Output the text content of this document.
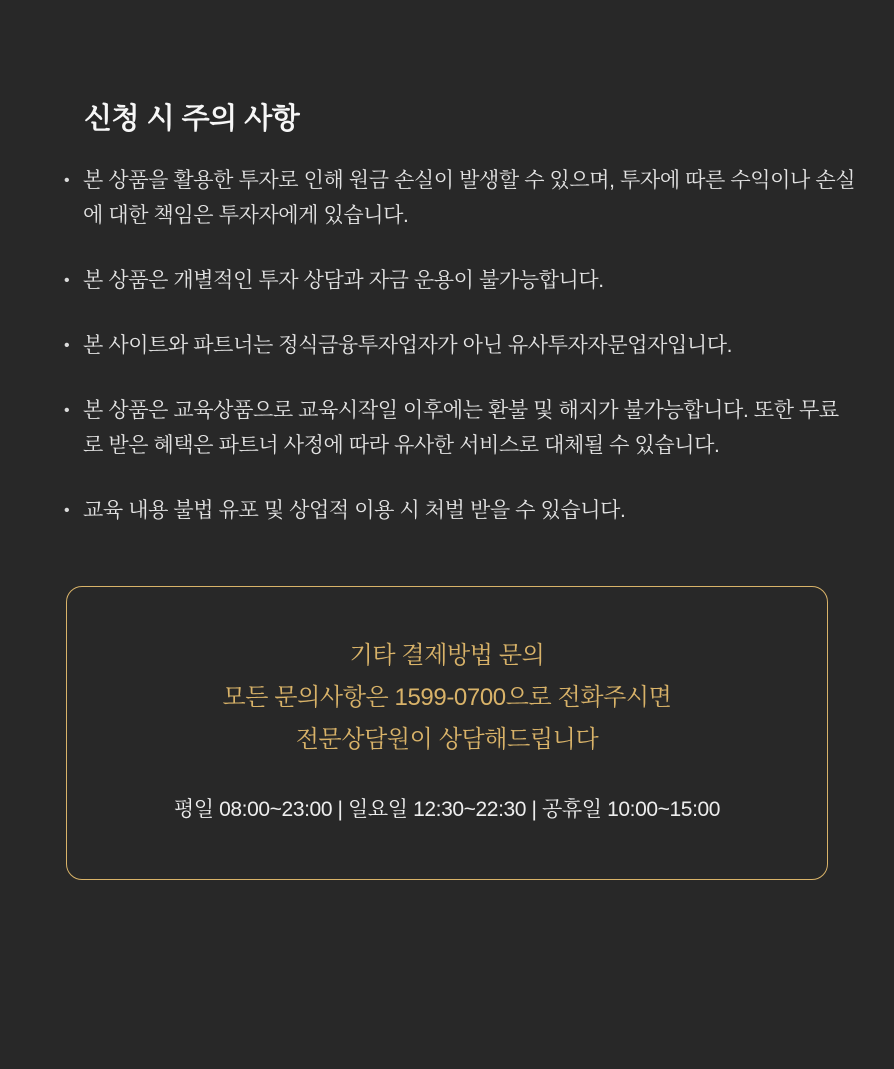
신청 시 주의 사항
• 본 상품을 활용한 투자로 인해 원금 손실이 발생할 수 있으며, 투자에 따른 수익이나 손실에 대한 책임은 투자자에게 있습니다.
• 본 상품은 개별적인 투자 상담과 자금 운용이 불가능합니다.
• 본 사이트와 파트너는 정식금융투자업자가 아닌 유사투자자문업자입니다.
• 본 상품은 교육상품으로 교육시작일 이후에는 환불 및 해지가 불가능합니다. 또한 무료로 받은 혜택은 파트너 사정에 따라 유사한 서비스로 대체될 수 있습니다.
• 교육 내용 불법 유포 및 상업적 이용 시 처벌 받을 수 있습니다.

기타 결제방법 문의

모든 문의사항은 1599-0700으로 전화주시면

전문상담원이 상담해드립니다

평일 08:00~23:00 | 일요일 12:30~22:30 | 공휴일 10:00~15:00
